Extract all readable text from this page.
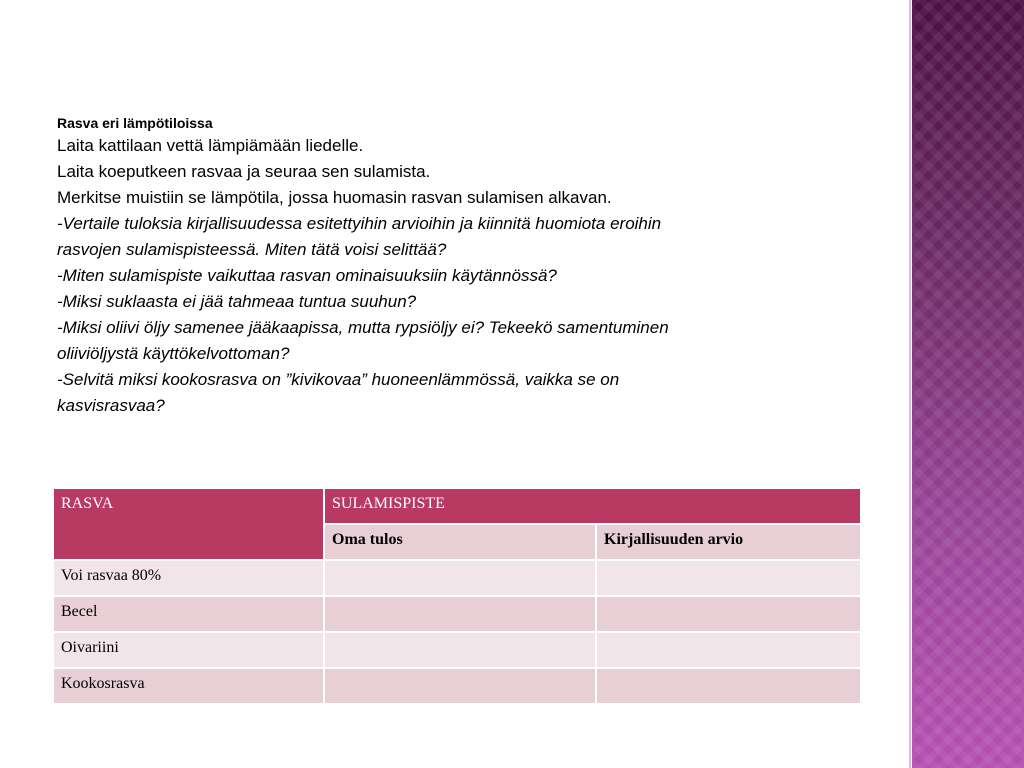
Rasva eri lämpötiloissa
Laita kattilaan vettä lämpiämään liedelle.
Laita koeputkeen rasvaa ja seuraa sen sulamista.
Merkitse muistiin se lämpötila, jossa huomasin rasvan sulamisen alkavan.
-Vertaile tuloksia kirjallisuudessa esitettyihin arvioihin ja kiinnitä huomiota eroihin rasvojen sulamispisteessä. Miten tätä voisi selittää?
-Miten sulamispiste vaikuttaa rasvan ominaisuuksiin käytännössä?
-Miksi suklaasta ei jää tahmeaa tuntua suuhun?
-Miksi oliivi öljy samenee jääkaapissa, mutta rypsiöljy ei? Tekeekö samentuminen oliiviöljystä käyttökelvottoman?
-Selvitä miksi kookosrasva on ”kivikovaa” huoneenlämmössä, vaikka se on kasvisrasvaa?
RASVA	SULAMISPISTE	
	Oma tulos	Kirjallisuuden arvio
Voi rasvaa 80%		
Becel		
Oivariini		
Kookosrasva		
